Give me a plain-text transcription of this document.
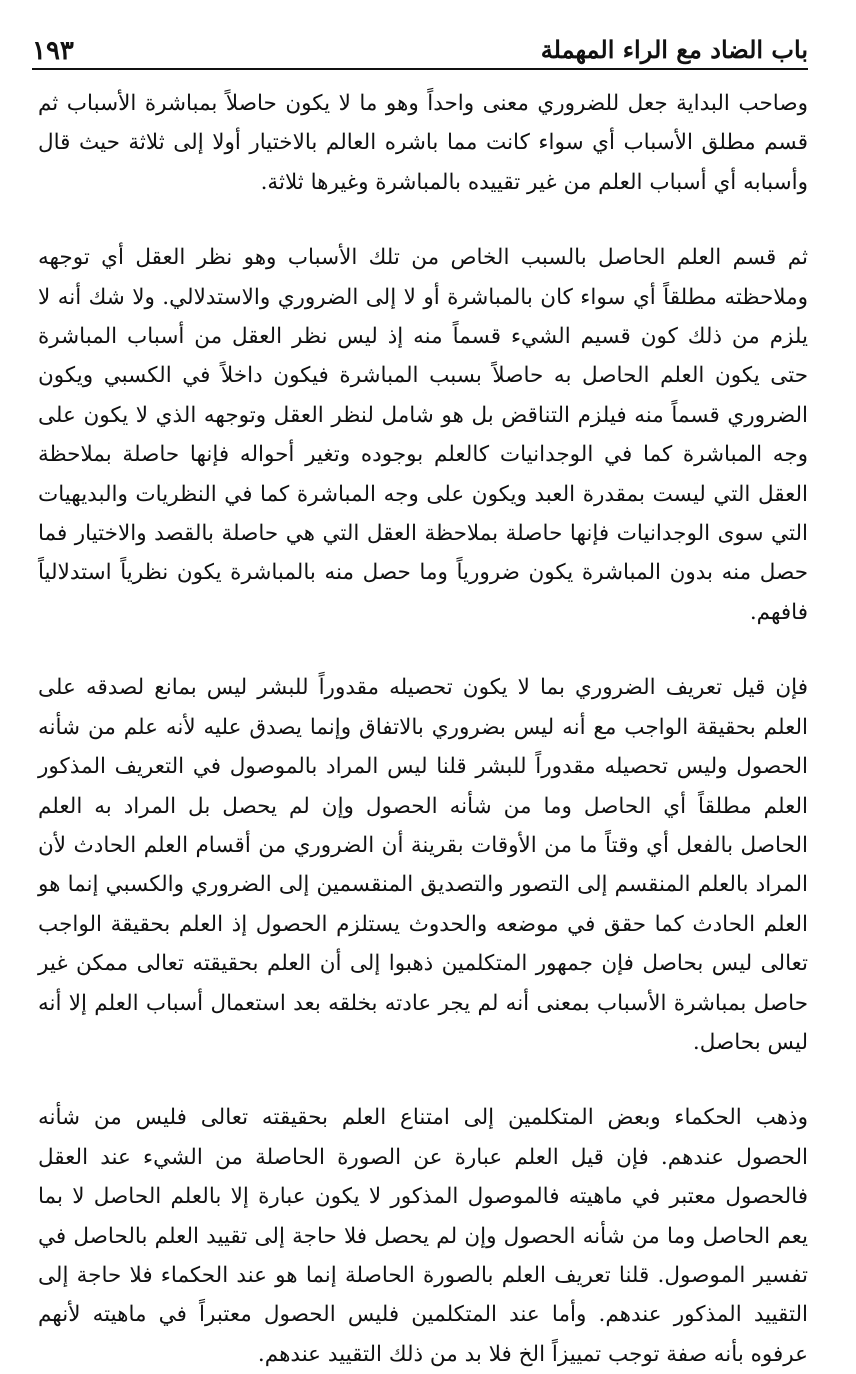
باب الضاد مع الراء المهملة
١٩٣

وصاحب البداية جعل للضروري معنى واحداً وهو ما لا يكون حاصلاً بمباشرة الأسباب ثم قسم مطلق الأسباب أي سواء كانت مما باشره العالم بالاختيار أولا إلى ثلاثة حيث قال وأسبابه أي أسباب العلم من غير تقييده بالمباشرة وغيرها ثلاثة.

ثم قسم العلم الحاصل بالسبب الخاص من تلك الأسباب وهو نظر العقل أي توجهه وملاحظته مطلقاً أي سواء كان بالمباشرة أو لا إلى الضروري والاستدلالي. ولا شك أنه لا يلزم من ذلك كون قسيم الشيء قسماً منه إذ ليس نظر العقل من أسباب المباشرة حتى يكون العلم الحاصل به حاصلاً بسبب المباشرة فيكون داخلاً في الكسبي ويكون الضروري قسماً منه فيلزم التناقض بل هو شامل لنظر العقل وتوجهه الذي لا يكون على وجه المباشرة كما في الوجدانيات كالعلم بوجوده وتغير أحواله فإنها حاصلة بملاحظة العقل التي ليست بمقدرة العبد ويكون على وجه المباشرة كما في النظريات والبديهيات التي سوى الوجدانيات فإنها حاصلة بملاحظة العقل التي هي حاصلة بالقصد والاختيار فما حصل منه بدون المباشرة يكون ضرورياً وما حصل منه بالمباشرة يكون نظرياً استدلالياً فافهم.

فإن قيل تعريف الضروري بما لا يكون تحصيله مقدوراً للبشر ليس بمانع لصدقه على العلم بحقيقة الواجب مع أنه ليس بضروري بالاتفاق وإنما يصدق عليه لأنه علم من شأنه الحصول وليس تحصيله مقدوراً للبشر قلنا ليس المراد بالموصول في التعريف المذكور العلم مطلقاً أي الحاصل وما من شأنه الحصول وإن لم يحصل بل المراد به العلم الحاصل بالفعل أي وقتاً ما من الأوقات بقرينة أن الضروري من أقسام العلم الحادث لأن المراد بالعلم المنقسم إلى التصور والتصديق المنقسمين إلى الضروري والكسبي إنما هو العلم الحادث كما حقق في موضعه والحدوث يستلزم الحصول إذ العلم بحقيقة الواجب تعالى ليس بحاصل فإن جمهور المتكلمين ذهبوا إلى أن العلم بحقيقته تعالى ممكن غير حاصل بمباشرة الأسباب بمعنى أنه لم يجر عادته بخلقه بعد استعمال أسباب العلم إلا أنه ليس بحاصل.

وذهب الحكماء وبعض المتكلمين إلى امتناع العلم بحقيقته تعالى فليس من شأنه الحصول عندهم. فإن قيل العلم عبارة عن الصورة الحاصلة من الشيء عند العقل فالحصول معتبر في ماهيته فالموصول المذكور لا يكون عبارة إلا بالعلم الحاصل لا بما يعم الحاصل وما من شأنه الحصول وإن لم يحصل فلا حاجة إلى تقييد العلم بالحاصل في تفسير الموصول. قلنا تعريف العلم بالصورة الحاصلة إنما هو عند الحكماء فلا حاجة إلى التقييد المذكور عندهم. وأما عند المتكلمين فليس الحصول معتبراً في ماهيته لأنهم عرفوه بأنه صفة توجب تمييزاً الخ فلا بد من ذلك التقييد عندهم.
